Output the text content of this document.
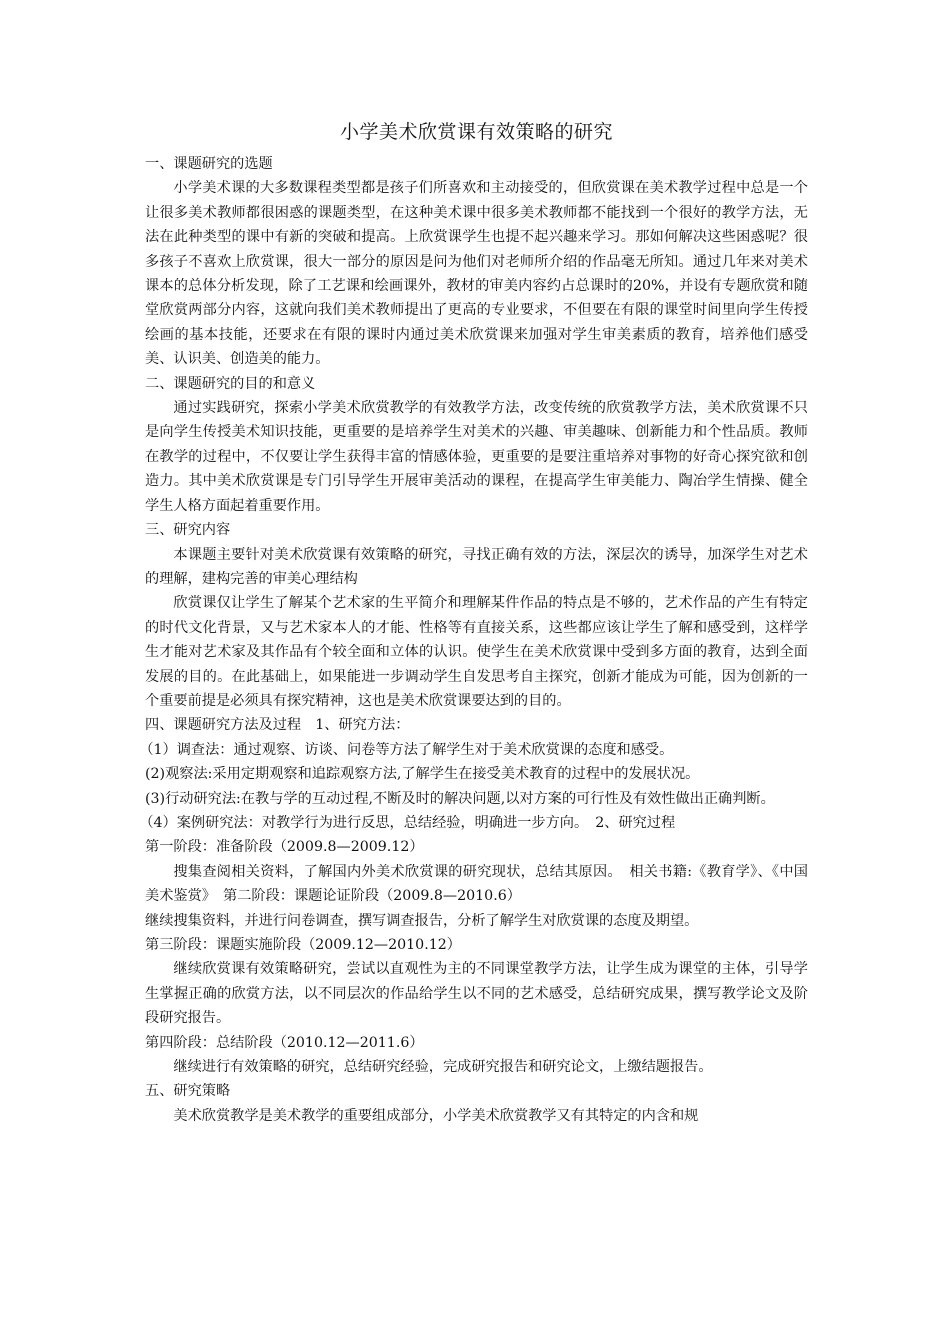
小学美术欣赏课有效策略的研究

一、课题研究的选题

小学美术课的大多数课程类型都是孩子们所喜欢和主动接受的，但欣赏课在美术教学过程中总是一个让很多美术教师都很困惑的课题类型，在这种美术课中很多美术教师都不能找到一个很好的教学方法，无法在此种类型的课中有新的突破和提高。上欣赏课学生也提不起兴趣来学习。那如何解决这些困惑呢？很多孩子不喜欢上欣赏课，很大一部分的原因是问为他们对老师所介绍的作品毫无所知。通过几年来对美术课本的总体分析发现，除了工艺课和绘画课外，教材的审美内容约占总课时的20%，并设有专题欣赏和随堂欣赏两部分内容，这就向我们美术教师提出了更高的专业要求，不但要在有限的课堂时间里向学生传授绘画的基本技能，还要求在有限的课时内通过美术欣赏课来加强对学生审美素质的教育，培养他们感受美、认识美、创造美的能力。

二、课题研究的目的和意义

通过实践研究，探索小学美术欣赏教学的有效教学方法，改变传统的欣赏教学方法，美术欣赏课不只是向学生传授美术知识技能，更重要的是培养学生对美术的兴趣、审美趣味、创新能力和个性品质。教师在教学的过程中，不仅要让学生获得丰富的情感体验，更重要的是要注重培养对事物的好奇心探究欲和创造力。其中美术欣赏课是专门引导学生开展审美活动的课程，在提高学生审美能力、陶冶学生情操、健全学生人格方面起着重要作用。

三、研究内容

本课题主要针对美术欣赏课有效策略的研究，寻找正确有效的方法，深层次的诱导，加深学生对艺术的理解，建构完善的审美心理结构

欣赏课仅让学生了解某个艺术家的生平简介和理解某件作品的特点是不够的，艺术作品的产生有特定的时代文化背景，又与艺术家本人的才能、性格等有直接关系，这些都应该让学生了解和感受到，这样学生才能对艺术家及其作品有个较全面和立体的认识。使学生在美术欣赏课中受到多方面的教育，达到全面发展的目的。在此基础上，如果能进一步调动学生自发思考自主探究，创新才能成为可能，因为创新的一个重要前提是必须具有探究精神，这也是美术欣赏课要达到的目的。

四、课题研究方法及过程　1、研究方法：

（1）调查法：通过观察、访谈、问卷等方法了解学生对于美术欣赏课的态度和感受。

(2)观察法:采用定期观察和追踪观察方法,了解学生在接受美术教育的过程中的发展状况。

(3)行动研究法:在教与学的互动过程,不断及时的解决问题,以对方案的可行性及有效性做出正确判断。

（4）案例研究法：对教学行为进行反思，总结经验，明确进一步方向。　2、研究过程

第一阶段：准备阶段（2009.8—2009.12）

搜集查阅相关资料，了解国内外美术欣赏课的研究现状，总结其原因。　相关书籍:《教育学》、《中国美术鉴赏》　第二阶段：课题论证阶段（2009.8—2010.6）

继续搜集资料，并进行问卷调查，撰写调查报告，分析了解学生对欣赏课的态度及期望。

第三阶段：课题实施阶段（2009.12—2010.12）

继续欣赏课有效策略研究，尝试以直观性为主的不同课堂教学方法，让学生成为课堂的主体，引导学生掌握正确的欣赏方法，以不同层次的作品给学生以不同的艺术感受，总结研究成果，撰写教学论文及阶段研究报告。

第四阶段：总结阶段（2010.12—2011.6）

继续进行有效策略的研究，总结研究经验，完成研究报告和研究论文，上缴结题报告。

五、研究策略

美术欣赏教学是美术教学的重要组成部分，小学美术欣赏教学又有其特定的内含和规
